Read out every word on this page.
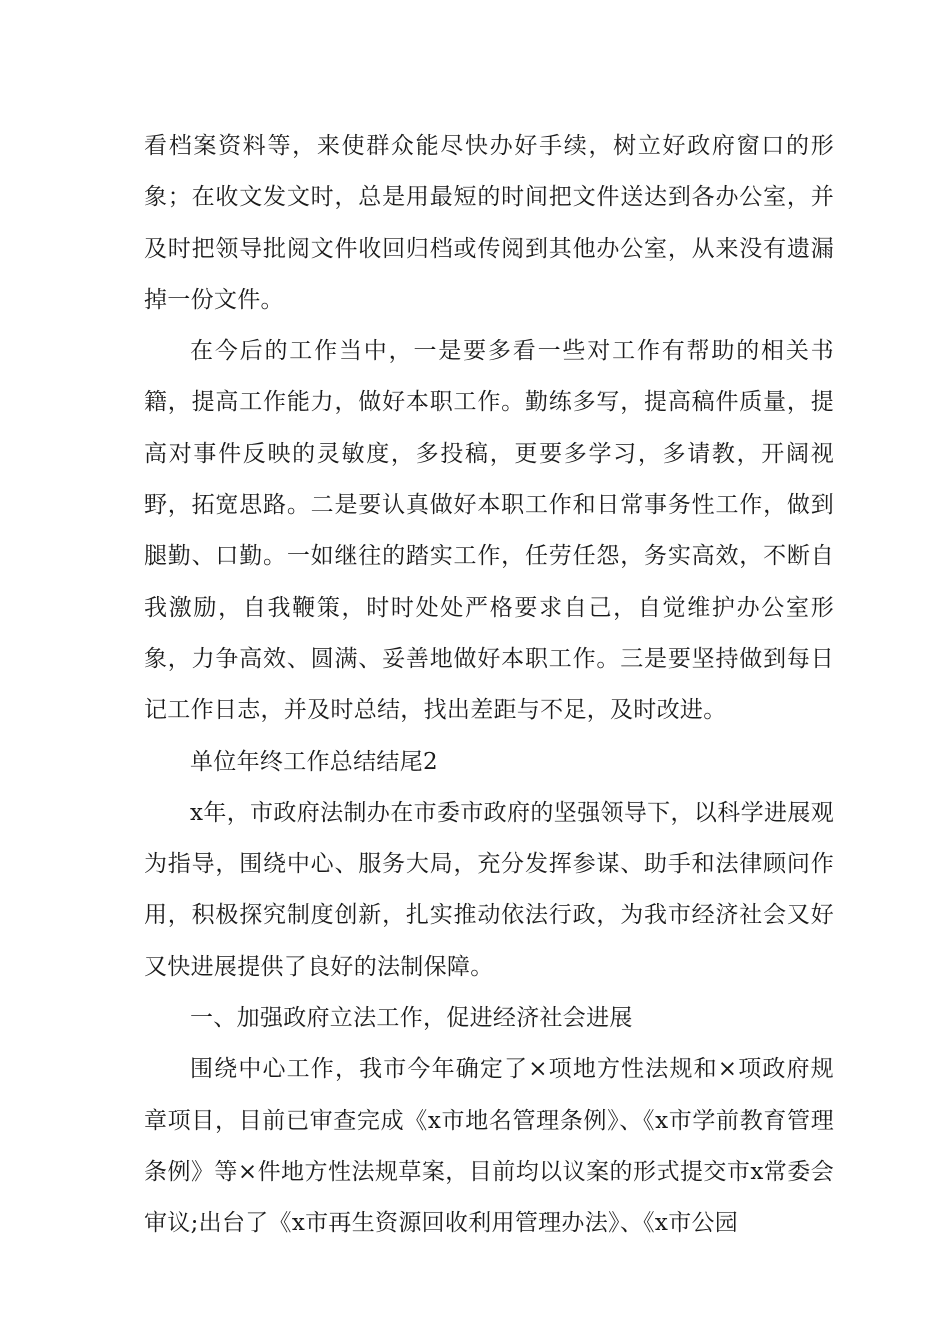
看档案资料等，来使群众能尽快办好手续，树立好政府窗口的形象；在收文发文时，总是用最短的时间把文件送达到各办公室，并及时把领导批阅文件收回归档或传阅到其他办公室，从来没有遗漏掉一份文件。

在今后的工作当中，一是要多看一些对工作有帮助的相关书籍，提高工作能力，做好本职工作。勤练多写，提高稿件质量，提高对事件反映的灵敏度，多投稿，更要多学习，多请教，开阔视野，拓宽思路。二是要认真做好本职工作和日常事务性工作，做到腿勤、口勤。一如继往的踏实工作，任劳任怨，务实高效，不断自我激励，自我鞭策，时时处处严格要求自己，自觉维护办公室形象，力争高效、圆满、妥善地做好本职工作。三是要坚持做到每日记工作日志，并及时总结，找出差距与不足，及时改进。

单位年终工作总结结尾2

x年，市政府法制办在市委市政府的坚强领导下，以科学进展观为指导，围绕中心、服务大局，充分发挥参谋、助手和法律顾问作用，积极探究制度创新，扎实推动依法行政，为我市经济社会又好又快进展提供了良好的法制保障。

一、加强政府立法工作，促进经济社会进展

围绕中心工作，我市今年确定了×项地方性法规和×项政府规章项目，目前已审查完成《x市地名管理条例》、《x市学前教育管理条例》等×件地方性法规草案，目前均以议案的形式提交市x常委会审议;出台了《x市再生资源回收利用管理办法》、《x市公园
